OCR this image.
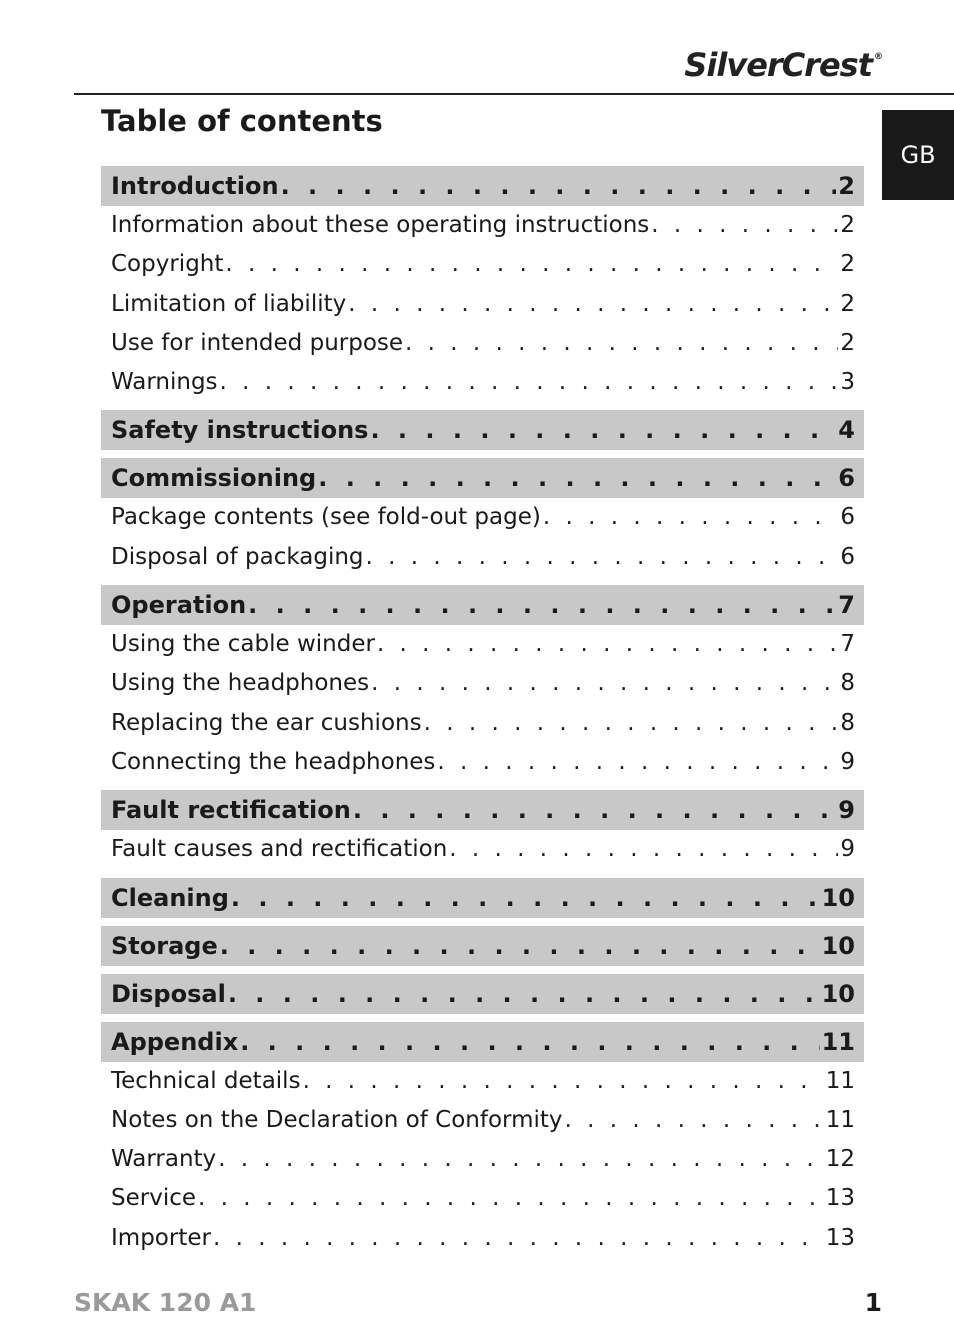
SilverCrest ®
GB
Table of contents
Introduction . . .	2
Information about these operating instructions . . .	2
Copyright . . .	2
Limitation of liability . . .	2
Use for intended purpose . . .	2
Warnings . . .	3
Safety instructions . . .	4
Commissioning . . .	6
Package contents (see fold-out page) . . .	6
Disposal of packaging . . .	6
Operation . . .	7
Using the cable winder . . .	7
Using the headphones . . .	8
Replacing the ear cushions . . .	8
Connecting the headphones . . .	9
Fault rectification . . .	9
Fault causes and rectification . . .	9
Cleaning . . .	10
Storage . . .	10
Disposal . . .	10
Appendix . . .	11
Technical details . . .	11
Notes on the Declaration of Conformity . . .	11
Warranty . . .	12
Service . . .	13
Importer . . .	13
SKAK 120 A1	1
